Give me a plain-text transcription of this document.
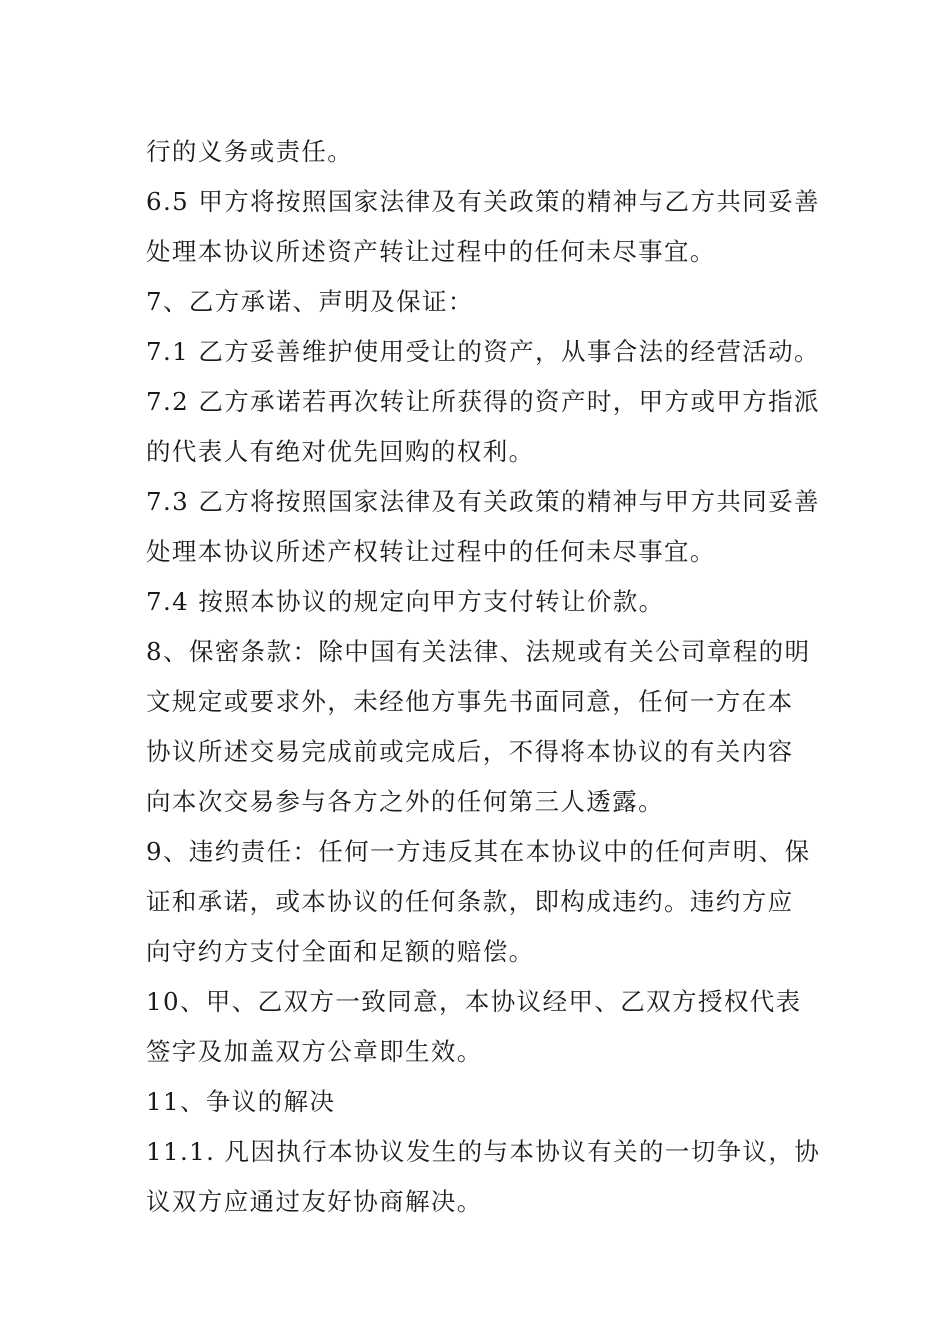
行的义务或责任。
6.5 甲方将按照国家法律及有关政策的精神与乙方共同妥善
处理本协议所述资产转让过程中的任何未尽事宜。
7、乙方承诺、声明及保证：
7.1 乙方妥善维护使用受让的资产，从事合法的经营活动。
7.2 乙方承诺若再次转让所获得的资产时，甲方或甲方指派
的代表人有绝对优先回购的权利。
7.3 乙方将按照国家法律及有关政策的精神与甲方共同妥善
处理本协议所述产权转让过程中的任何未尽事宜。
7.4 按照本协议的规定向甲方支付转让价款。
8、保密条款：除中国有关法律、法规或有关公司章程的明
文规定或要求外，未经他方事先书面同意，任何一方在本
协议所述交易完成前或完成后，不得将本协议的有关内容
向本次交易参与各方之外的任何第三人透露。
9、违约责任：任何一方违反其在本协议中的任何声明、保
证和承诺，或本协议的任何条款，即构成违约。违约方应
向守约方支付全面和足额的赔偿。
10、甲、乙双方一致同意，本协议经甲、乙双方授权代表
签字及加盖双方公章即生效。
11、争议的解决
11.1. 凡因执行本协议发生的与本协议有关的一切争议，协
议双方应通过友好协商解决。
